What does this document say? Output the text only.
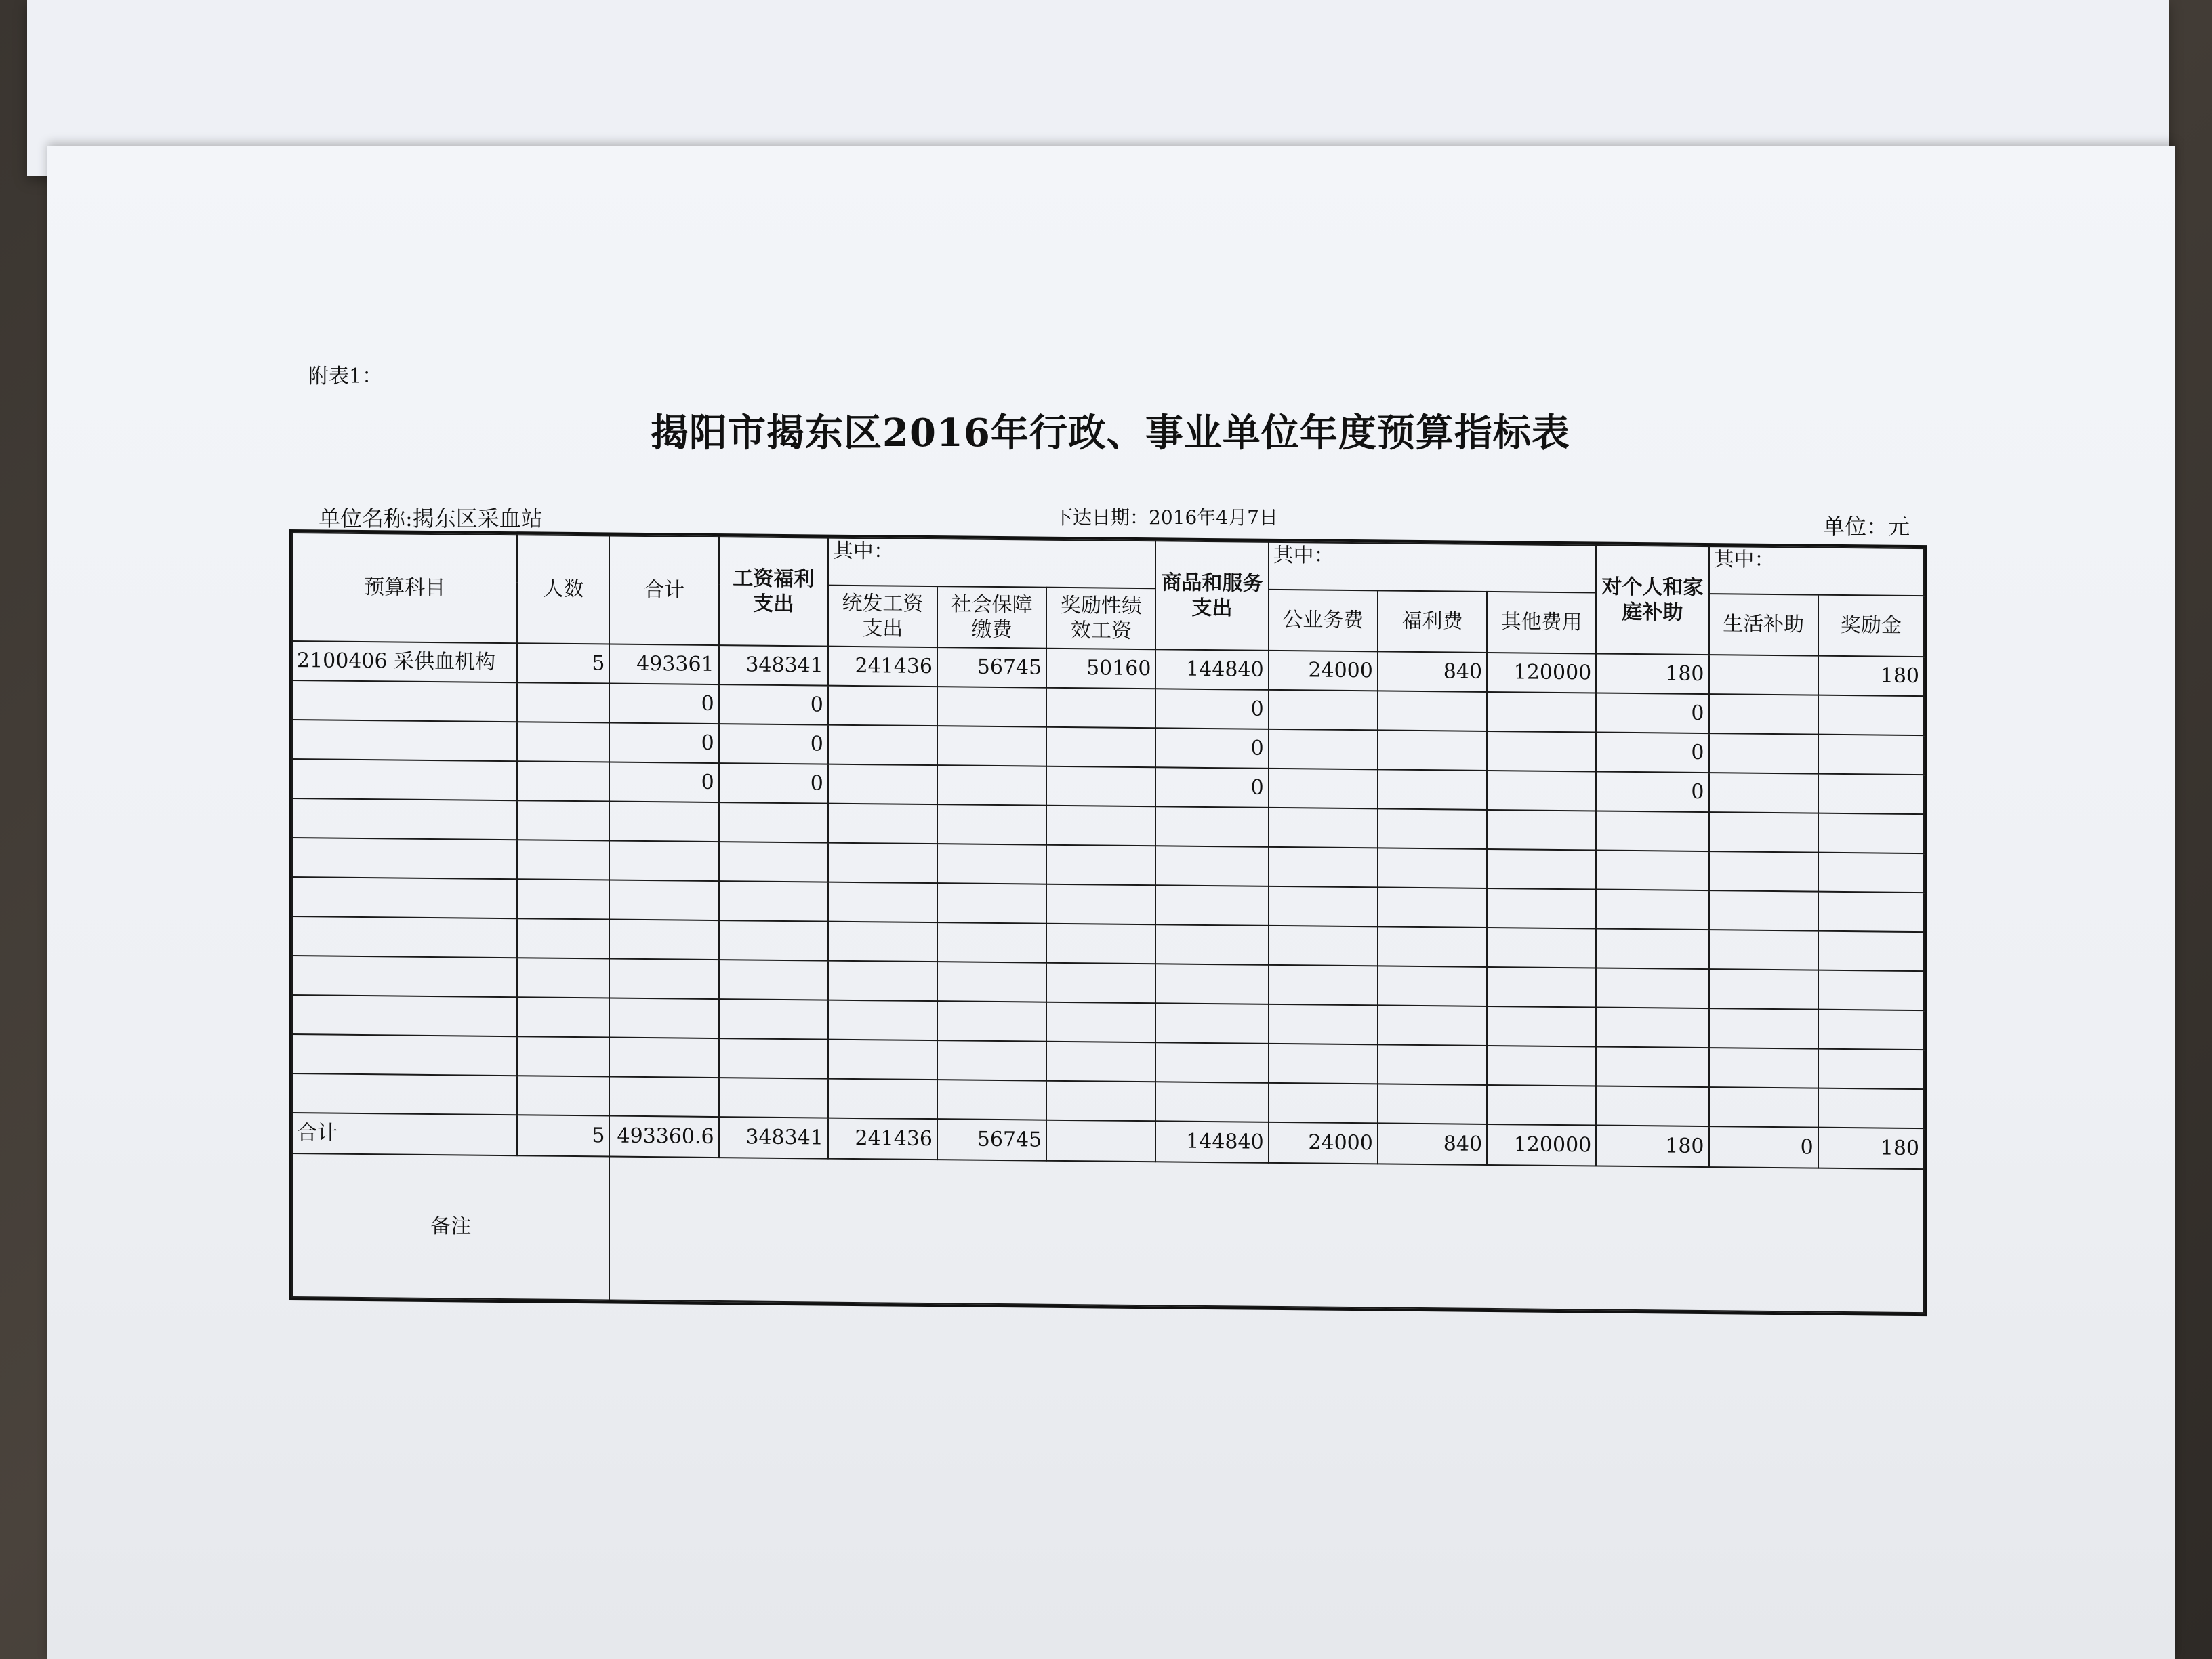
附表1：
揭阳市揭东区2016年行政、事业单位年度预算指标表
单位名称:揭东区采血站	下达日期：2016年4月7日	单位：元
预算科目	人数	合计	工资福利支出	其中：			商品和服务支出	其中：			对个人和家庭补助	其中：	
				统发工资支出	社会保障缴费	奖励性绩效工资		公业务费	福利费	其他费用		生活补助	奖励金
2100406 采供血机构	5	493361	348341	241436	56745	50160	144840	24000	840	120000	180		180
		0	0				0				0		
		0	0				0				0		
		0	0				0				0		

合计	5	493360.6	348341	241436	56745		144840	24000	840	120000	180	0	180
备注													
